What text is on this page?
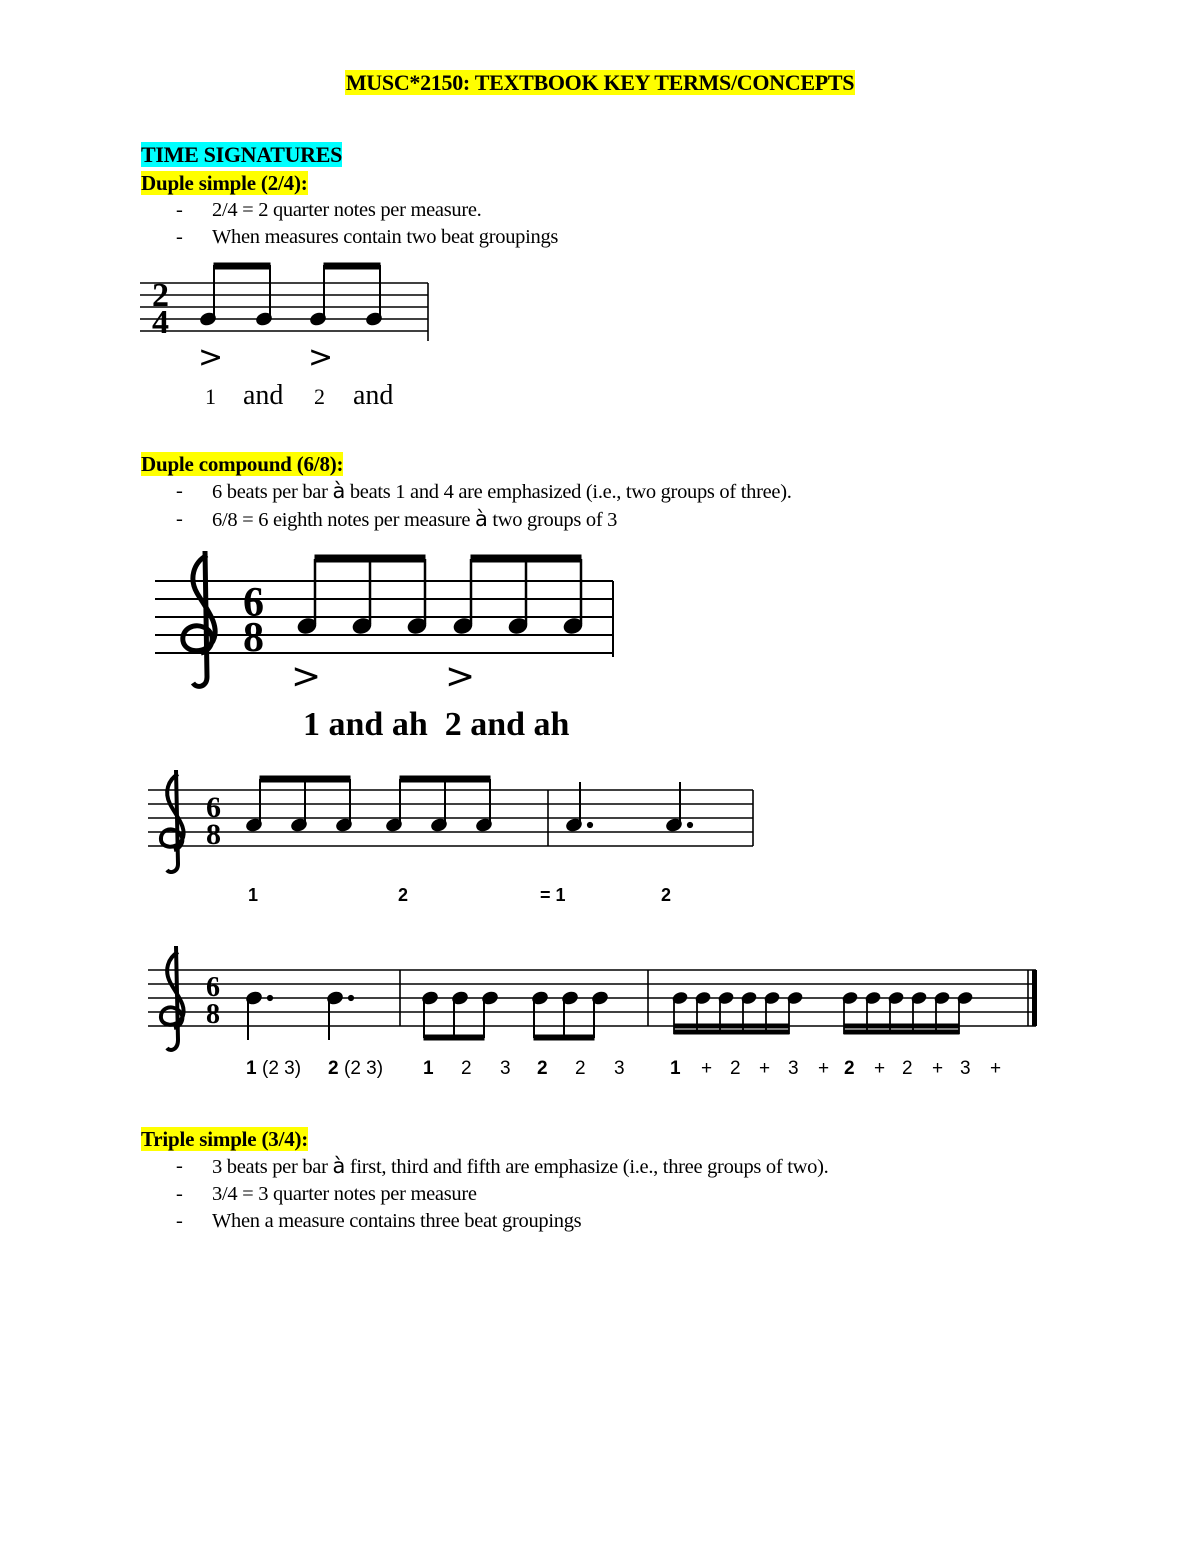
MUSC*2150: TEXTBOOK KEY TERMS/CONCEPTS
TIME SIGNATURES
Duple simple (2/4):
- 2/4 = 2 quarter notes per measure.
- When measures contain two beat groupings
2
4
>	>
1 and 2 and
Duple compound (6/8):
- 6 beats per bar à beats 1 and 4 are emphasized (i.e., two groups of three).
- 6/8 = 6 eighth notes per measure à two groups of 3
6
8
>	>
1 and ah  2 and ah
6
8
1	2	= 1	2
6
8
1 (2 3) 2 (2 3) 1 2 3 2 2 3 1 + 2 + 3 + 2 + 2 + 3 +
Triple simple (3/4):
- 3 beats per bar à first, third and fifth are emphasize (i.e., three groups of two).
- 3/4 = 3 quarter notes per measure
- When a measure contains three beat groupings
